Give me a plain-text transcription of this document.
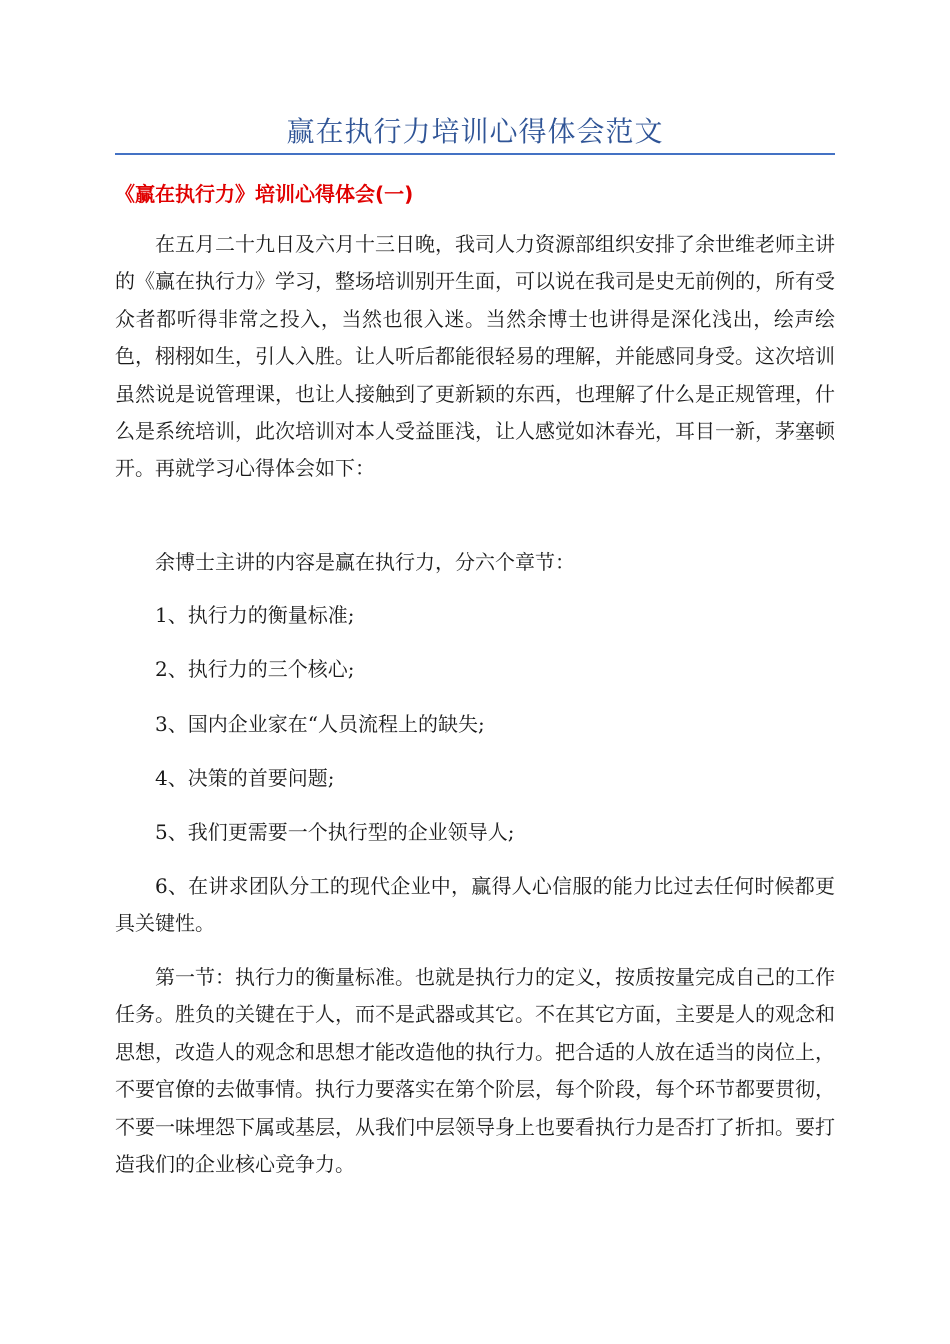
赢在执行力培训心得体会范文
《赢在执行力》培训心得体会(一)

在五月二十九日及六月十三日晚，我司人力资源部组织安排了余世维老师主讲的《赢在执行力》学习，整场培训别开生面，可以说在我司是史无前例的，所有受众者都听得非常之投入，当然也很入迷。当然余博士也讲得是深化浅出，绘声绘色，栩栩如生，引人入胜。让人听后都能很轻易的理解，并能感同身受。这次培训虽然说是说管理课，也让人接触到了更新颖的东西，也理解了什么是正规管理，什么是系统培训，此次培训对本人受益匪浅，让人感觉如沐春光，耳目一新，茅塞顿开。再就学习心得体会如下：

余博士主讲的内容是赢在执行力，分六个章节：

1、执行力的衡量标准;

2、执行力的三个核心;

3、国内企业家在“人员流程上的缺失;

4、决策的首要问题;

5、我们更需要一个执行型的企业领导人;

6、在讲求团队分工的现代企业中，赢得人心信服的能力比过去任何时候都更具关键性。

第一节：执行力的衡量标准。也就是执行力的定义，按质按量完成自己的工作任务。胜负的关键在于人，而不是武器或其它。不在其它方面，主要是人的观念和思想，改造人的观念和思想才能改造他的执行力。把合适的人放在适当的岗位上，不要官僚的去做事情。执行力要落实在第个阶层，每个阶段，每个环节都要贯彻，不要一味埋怨下属或基层，从我们中层领导身上也要看执行力是否打了折扣。要打造我们的企业核心竞争力。
